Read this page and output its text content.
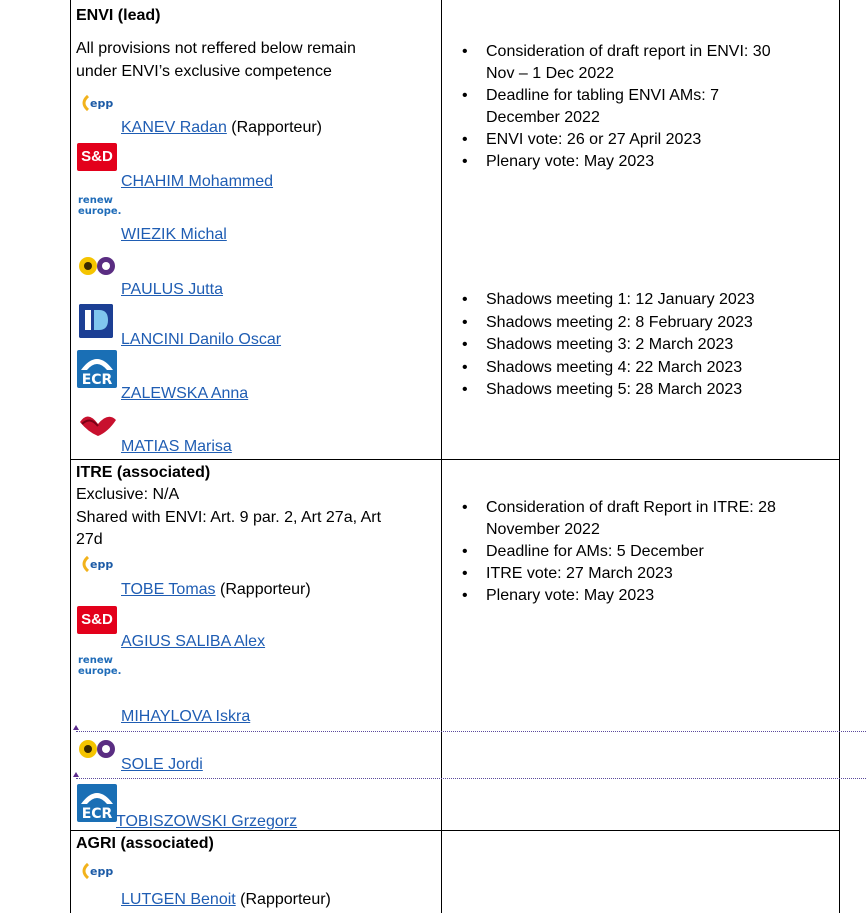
ENVI (lead)
All provisions not reffered below remain
under ENVI’s exclusive competence
epp
KANEV Radan (Rapporteur)
S&D
CHAHIM Mohammed
renew
europe.
WIEZIK Michal
PAULUS Jutta
LANCINI Danilo Oscar
ECR
ZALEWSKA Anna
MATIAS Marisa
• Consideration of draft report in ENVI: 30
Nov – 1 Dec 2022
• Deadline for tabling ENVI AMs: 7
December 2022
• ENVI vote: 26 or 27 April 2023
• Plenary vote: May 2023
• Shadows meeting 1: 12 January 2023
• Shadows meeting 2: 8 February 2023
• Shadows meeting 3: 2 March 2023
• Shadows meeting 4: 22 March 2023
• Shadows meeting 5: 28 March 2023
ITRE (associated)
Exclusive: N/A
Shared with ENVI: Art. 9 par. 2, Art 27a, Art
27d
epp
TOBE Tomas (Rapporteur)
S&D
AGIUS SALIBA Alex
renew
europe.
MIHAYLOVA Iskra
SOLE Jordi
ECR TOBISZOWSKI Grzegorz
• Consideration of draft Report in ITRE: 28
November 2022
• Deadline for AMs: 5 December
• ITRE vote: 27 March 2023
• Plenary vote: May 2023
AGRI (associated)
epp
LUTGEN Benoit (Rapporteur)
